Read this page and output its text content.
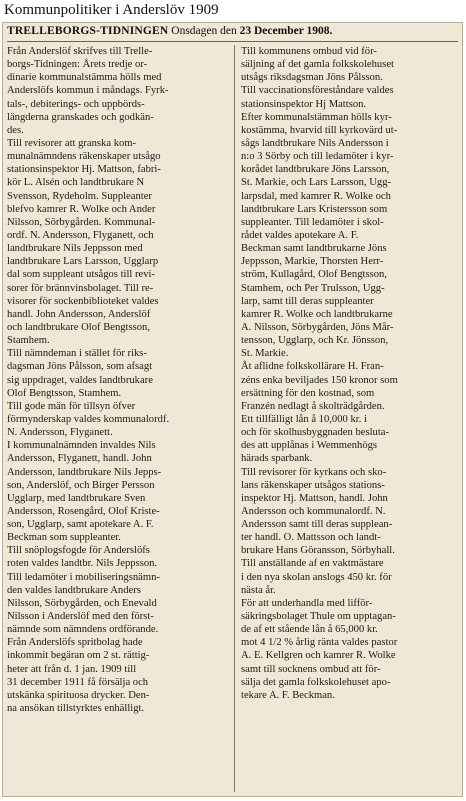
Kommunpolitiker i Anderslöv 1909
TRELLEBORGS-TIDNINGEN Onsdagen den 23 December 1908.
Från Anderslöf skrifves till Trelle-
borgs-Tidningen: Årets tredje or-
dinarie kommunalstämma hölls med
Anderslöfs kommun i måndags. Fyrk-
tals-, debiterings- och uppbörds-
längderna granskades och godkän-
des.
Till revisorer att granska kom-
munalnämndens räkenskaper utsågo
stationsinspektor Hj. Mattson, fabri-
kör L. Alsén och landtbrukare N
Svensson, Rydeholm. Suppleanter
blefvo kamrer R. Wolke och Ander
Nilsson, Sörbygården. Kommunal-
ordf. N. Andersson, Flyganett, och
landtbrukare Nils Jeppsson med
landtbrukare Lars Larsson, Ugglarp
dal som suppleant utsågos till revi-
sorer för brännvinsbolaget. Till re-
visorer för sockenbiblioteket valdes
handl. John Andersson, Anderslöf
och landtbrukare Olof Bengtsson,
Stamhem.
Till nämndeman i stället för riks-
dagsman Jöns Pålsson, som afsagt
sig uppdraget, valdes landtbrukare
Olof Bengtsson, Stamhem.
Till gode män för tillsyn öfver
förmynderskap valdes kommunalordf.
N. Andersson, Flyganett.
I kommunalnämnden invaldes Nils
Andersson, Flyganett, handl. John
Andersson, landtbrukare Nils Jepps-
son, Anderslöf, och Birger Persson
Ugglarp, med landtbrukare Sven
Andersson, Rosengård, Olof Kriste-
son, Ugglarp, samt apotekare A. F.
Beckman som suppleanter.
Till snöplogsfogde för Anderslöfs
roten valdes landtbr. Nils Jeppsson.
Till ledamöter i mobiliseringsnämn-
den valdes landtbrukare Anders
Nilsson, Sörbygården, och Enevald
Nilsson i Anderslöf med den först-
nämnde som nämndens ordförande.
Från Anderslöfs spritbolag hade
inkommit begäran om 2 st. rättig-
heter att från d. 1 jan. 1909 till
31 december 1911 få försälja och
utskänka spirituosa drycker. Den-
na ansökan tillstyrktes enhälligt.
Till kommunens ombud vid för-
säljning af det gamla folkskolehuset
utsågs riksdagsman Jöns Pålsson.
Till vaccinationsföreståndare valdes
stationsinspektor Hj Mattson.
Efter kommunalstämman hölls kyr-
kostämma, hvarvid till kyrkovärd ut-
sågs landtbrukare Nils Andersson i
n:o 3 Sörby och till ledamöter i kyr-
korådet landtbrukare Jöns Larsson,
St. Markie, och Lars Larsson, Ugg-
larpsdal, med kamrer R. Wolke och
landtbrukare Lars Kristersson som
suppleanter. Till ledamöter i skol-
rådet valdes apotekare A. F.
Beckman samt landtbrukarne Jöns
Jeppsson, Markie, Thorsten Herr-
ström, Kullagård, Olof Bengtsson,
Stamhem, och Per Trulsson, Ugg-
larp, samt till deras suppleanter
kamrer R. Wolke och landtbrukarne
A. Nilsson, Sörbygården, Jöns Mår-
tensson, Ugglarp, och Kr. Jönsson,
St. Markie.
Åt aflidne folkskollärare H. Fran-
zéns enka beviljades 150 kronor som
ersättning för den kostnad, som
Franzén nedlagt å skolträdgården.
Ett tillfälligt lån å 10,000 kr. i
och för skolhusbyggnaden beslutа-
des att upplånas i Wemmenhögs
härads sparbank.
Till revisorer för kyrkans och sko-
lans räkenskaper utsågos stations-
inspektor Hj. Mattson, handl. John
Andersson och kommunalordf. N.
Andersson samt till deras supplean-
ter handl. O. Mattsson och landt-
brukare Hans Göransson, Sörbyhall.
Till anställande af en vaktmästare
i den nya skolan anslogs 450 kr. för
nästa år.
För att underhandla med lifför-
säkringsbolaget Thule om upptagan-
de af ett stående lån å 65,000 kr.
mot 4 1/2 % årlig ränta valdes pastor
A. E. Kellgren och kamrer R. Wolke
samt till socknens ombud att för-
sälja det gamla folkskolehuset apo-
tekare A. F. Beckman.
